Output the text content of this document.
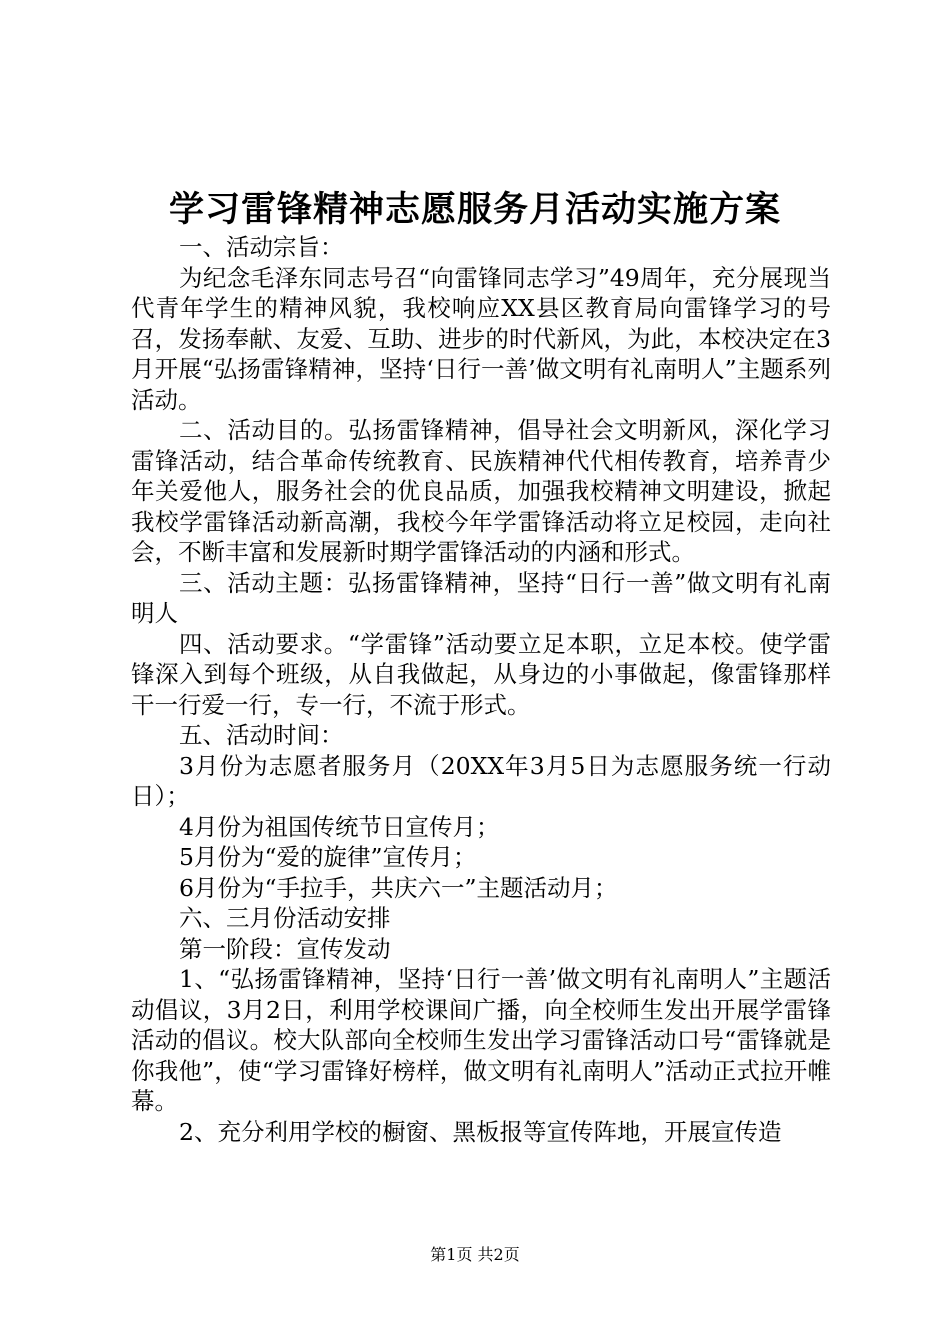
学习雷锋精神志愿服务月活动实施方案

一、活动宗旨：

为纪念毛泽东同志号召“向雷锋同志学习”49周年，充分展现当代青年学生的精神风貌，我校响应XX县区教育局向雷锋学习的号召，发扬奉献、友爱、互助、进步的时代新风，为此，本校决定在3月开展“弘扬雷锋精神，坚持‘日行一善’做文明有礼南明人”主题系列活动。

二、活动目的。弘扬雷锋精神，倡导社会文明新风，深化学习雷锋活动，结合革命传统教育、民族精神代代相传教育，培养青少年关爱他人，服务社会的优良品质，加强我校精神文明建设，掀起我校学雷锋活动新高潮，我校今年学雷锋活动将立足校园，走向社会，不断丰富和发展新时期学雷锋活动的内涵和形式。

三、活动主题：弘扬雷锋精神，坚持“日行一善”做文明有礼南明人

四、活动要求。“学雷锋”活动要立足本职，立足本校。使学雷锋深入到每个班级，从自我做起，从身边的小事做起，像雷锋那样干一行爱一行，专一行，不流于形式。

五、活动时间：

3月份为志愿者服务月（20XX年3月5日为志愿服务统一行动日）；

4月份为祖国传统节日宣传月；

5月份为“爱的旋律”宣传月；

6月份为“手拉手，共庆六一”主题活动月；

六、三月份活动安排

第一阶段：宣传发动

1、“弘扬雷锋精神，坚持‘日行一善’做文明有礼南明人”主题活动倡议，3月2日，利用学校课间广播，向全校师生发出开展学雷锋活动的倡议。校大队部向全校师生发出学习雷锋活动口号“雷锋就是你我他”，使“学习雷锋好榜样，做文明有礼南明人”活动正式拉开帷幕。

2、充分利用学校的橱窗、黑板报等宣传阵地，开展宣传造

第1页 共2页
